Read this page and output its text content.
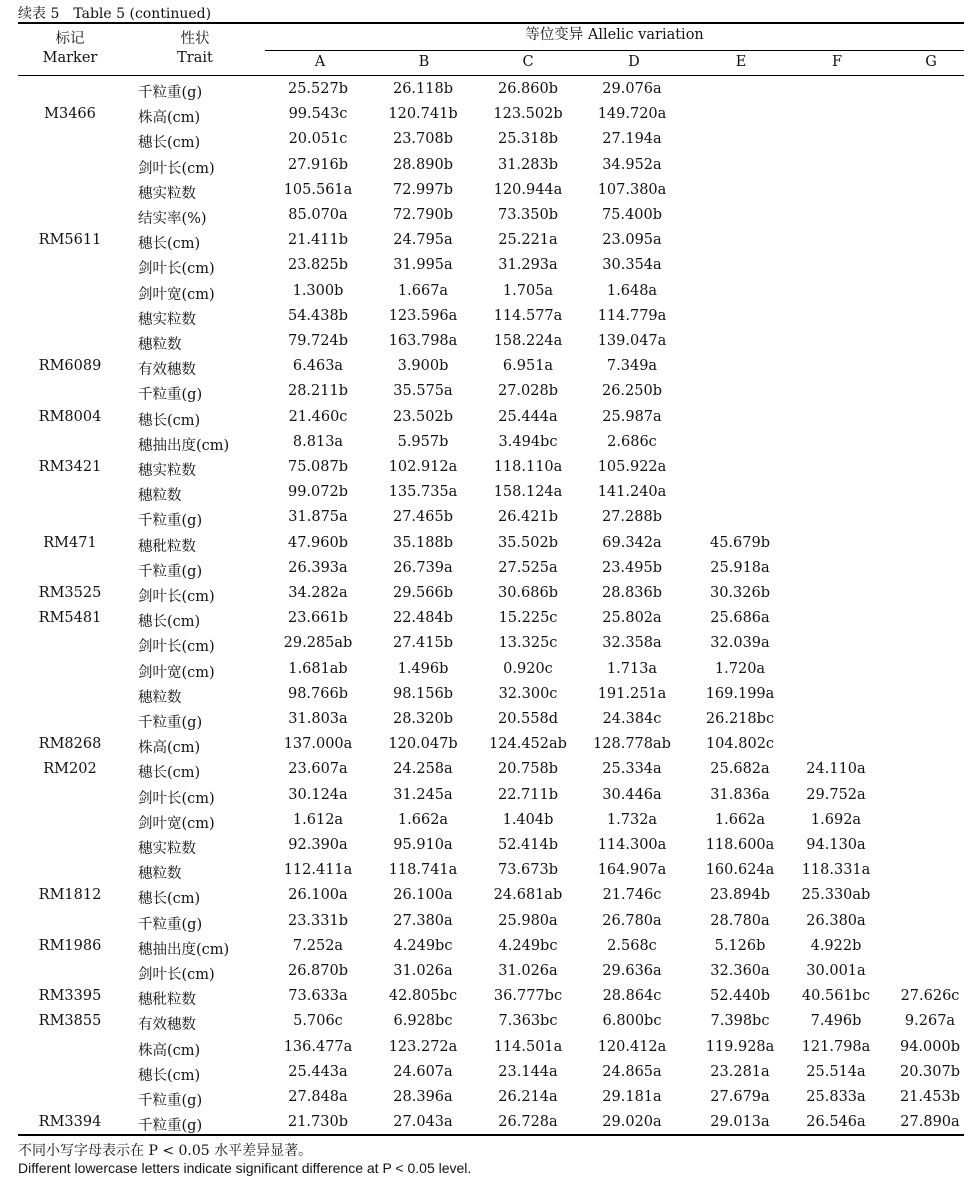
续表 5 Table 5 (continued)
标记
Marker
性状
Trait
等位变异 Allelic variation
A	B	C	D	E	F	G
千粒重(g)	25.527b	26.118b	26.860b	29.076a
M3466	株高(cm)	99.543c	120.741b	123.502b	149.720a
穗长(cm)	20.051c	23.708b	25.318b	27.194a
剑叶长(cm)	27.916b	28.890b	31.283b	34.952a
穗实粒数	105.561a	72.997b	120.944a	107.380a
结实率(%)	85.070a	72.790b	73.350b	75.400b
RM5611	穗长(cm)	21.411b	24.795a	25.221a	23.095a
剑叶长(cm)	23.825b	31.995a	31.293a	30.354a
剑叶宽(cm)	1.300b	1.667a	1.705a	1.648a
穗实粒数	54.438b	123.596a	114.577a	114.779a
穗粒数	79.724b	163.798a	158.224a	139.047a
RM6089	有效穗数	6.463a	3.900b	6.951a	7.349a
千粒重(g)	28.211b	35.575a	27.028b	26.250b
RM8004	穗长(cm)	21.460c	23.502b	25.444a	25.987a
穗抽出度(cm)	8.813a	5.957b	3.494bc	2.686c
RM3421	穗实粒数	75.087b	102.912a	118.110a	105.922a
穗粒数	99.072b	135.735a	158.124a	141.240a
千粒重(g)	31.875a	27.465b	26.421b	27.288b
RM471	穗秕粒数	47.960b	35.188b	35.502b	69.342a	45.679b
千粒重(g)	26.393a	26.739a	27.525a	23.495b	25.918a
RM3525	剑叶长(cm)	34.282a	29.566b	30.686b	28.836b	30.326b
RM5481	穗长(cm)	23.661b	22.484b	15.225c	25.802a	25.686a
剑叶长(cm)	29.285ab	27.415b	13.325c	32.358a	32.039a
剑叶宽(cm)	1.681ab	1.496b	0.920c	1.713a	1.720a
穗粒数	98.766b	98.156b	32.300c	191.251a	169.199a
千粒重(g)	31.803a	28.320b	20.558d	24.384c	26.218bc
RM8268	株高(cm)	137.000a	120.047b	124.452ab	128.778ab	104.802c
RM202	穗长(cm)	23.607a	24.258a	20.758b	25.334a	25.682a	24.110a
剑叶长(cm)	30.124a	31.245a	22.711b	30.446a	31.836a	29.752a
剑叶宽(cm)	1.612a	1.662a	1.404b	1.732a	1.662a	1.692a
穗实粒数	92.390a	95.910a	52.414b	114.300a	118.600a	94.130a
穗粒数	112.411a	118.741a	73.673b	164.907a	160.624a	118.331a
RM1812	穗长(cm)	26.100a	26.100a	24.681ab	21.746c	23.894b	25.330ab
千粒重(g)	23.331b	27.380a	25.980a	26.780a	28.780a	26.380a
RM1986	穗抽出度(cm)	7.252a	4.249bc	4.249bc	2.568c	5.126b	4.922b
剑叶长(cm)	26.870b	31.026a	31.026a	29.636a	32.360a	30.001a
RM3395	穗秕粒数	73.633a	42.805bc	36.777bc	28.864c	52.440b	40.561bc	27.626c
RM3855	有效穗数	5.706c	6.928bc	7.363bc	6.800bc	7.398bc	7.496b	9.267a
株高(cm)	136.477a	123.272a	114.501a	120.412a	119.928a	121.798a	94.000b
穗长(cm)	25.443a	24.607a	23.144a	24.865a	23.281a	25.514a	20.307b
千粒重(g)	27.848a	28.396a	26.214a	29.181a	27.679a	25.833a	21.453b
RM3394	千粒重(g)	21.730b	27.043a	26.728a	29.020a	29.013a	26.546a	27.890a
不同小写字母表示在 P < 0.05 水平差异显著。
Different lowercase letters indicate significant difference at P < 0.05 level.
